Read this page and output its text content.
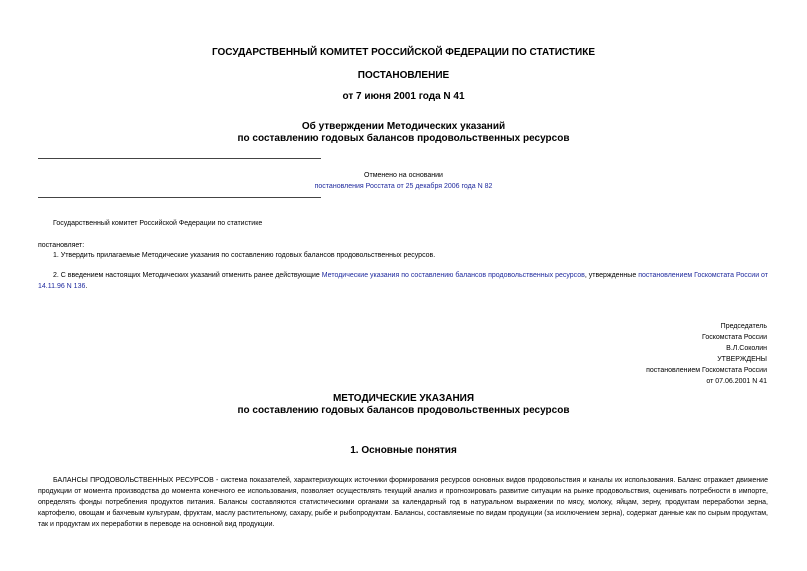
ГОСУДАРСТВЕННЫЙ КОМИТЕТ РОССИЙСКОЙ ФЕДЕРАЦИИ ПО СТАТИСТИКЕ
ПОСТАНОВЛЕНИЕ
от 7 июня 2001 года N 41
Об утверждении Методических указаний
по составлению годовых балансов продовольственных ресурсов
Отменено на основании
постановления Росстата от 25 декабря 2006 года N 82
Государственный комитет Российской Федерации по статистике
постановляет:
1. Утвердить прилагаемые Методические указания по составлению годовых балансов продовольственных ресурсов.
2. С введением настоящих Методических указаний отменить ранее действующие Методические указания по составлению балансов продовольственных ресурсов, утвержденные постановлением Госкомстата России от 14.11.96 N 136.
Председатель
Госкомстата России
В.Л.Соколин
УТВЕРЖДЕНЫ
постановлением Госкомстата России
от 07.06.2001 N 41
МЕТОДИЧЕСКИЕ УКАЗАНИЯ
по составлению годовых балансов продовольственных ресурсов
1. Основные понятия
БАЛАНСЫ ПРОДОВОЛЬСТВЕННЫХ РЕСУРСОВ - система показателей, характеризующих источники формирования ресурсов основных видов продовольствия и каналы их использования. Баланс отражает движение продукции от момента производства до момента конечного ее использования, позволяет осуществлять текущий анализ и прогнозировать развитие ситуации на рынке продовольствия, оценивать потребности в импорте, определять фонды потребления продуктов питания. Балансы составляются статистическими органами за календарный год в натуральном выражении по мясу, молоку, яйцам, зерну, продуктам переработки зерна, картофелю, овощам и бахчевым культурам, фруктам, маслу растительному, сахару, рыбе и рыбопродуктам. Балансы, составляемые по видам продукции (за исключением зерна), содержат данные как по сырым продуктам, так и продуктам их переработки в переводе на основной вид продукции.
